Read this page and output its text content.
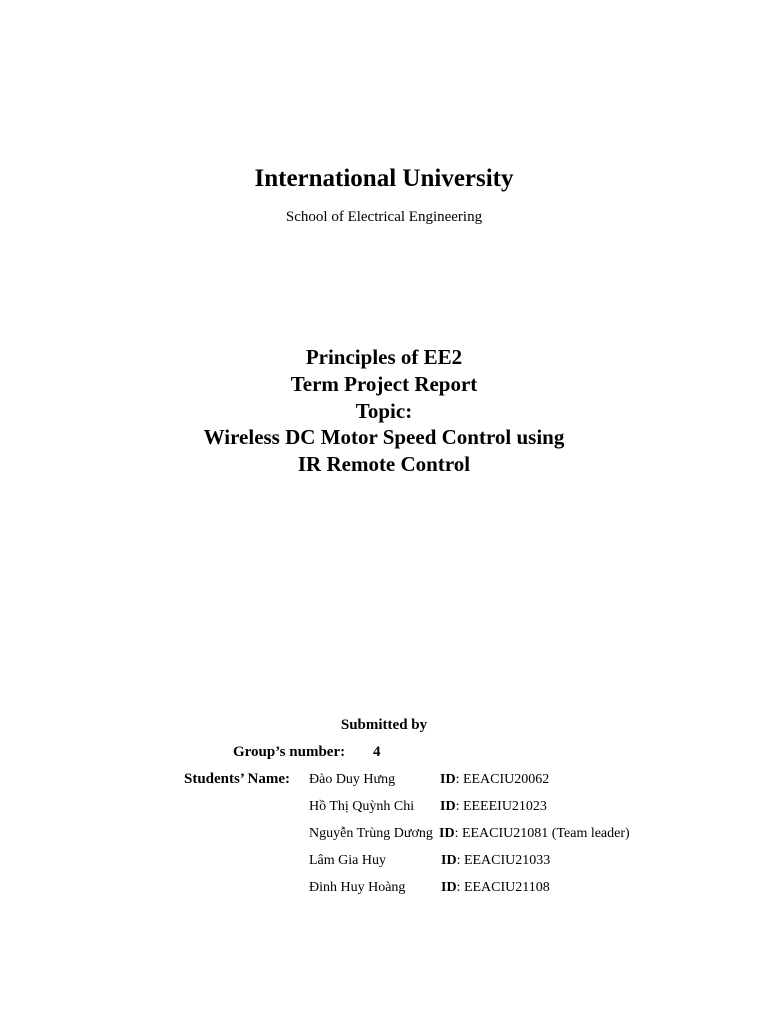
International University
School of Electrical Engineering
Principles of EE2
Term Project Report
Topic:
Wireless DC Motor Speed Control using
IR Remote Control
Submitted by
Group’s number: 4
Students’ Name: Đào Duy Hưng	ID: EEACIU20062
Hồ Thị Quỳnh Chi ID: EEEEIU21023
Nguyễn Trùng Dương ID: EEACIU21081 (Team leader)
Lâm Gia Huy	ID: EEACIU21033
Đinh Huy Hoàng	ID: EEACIU21108
